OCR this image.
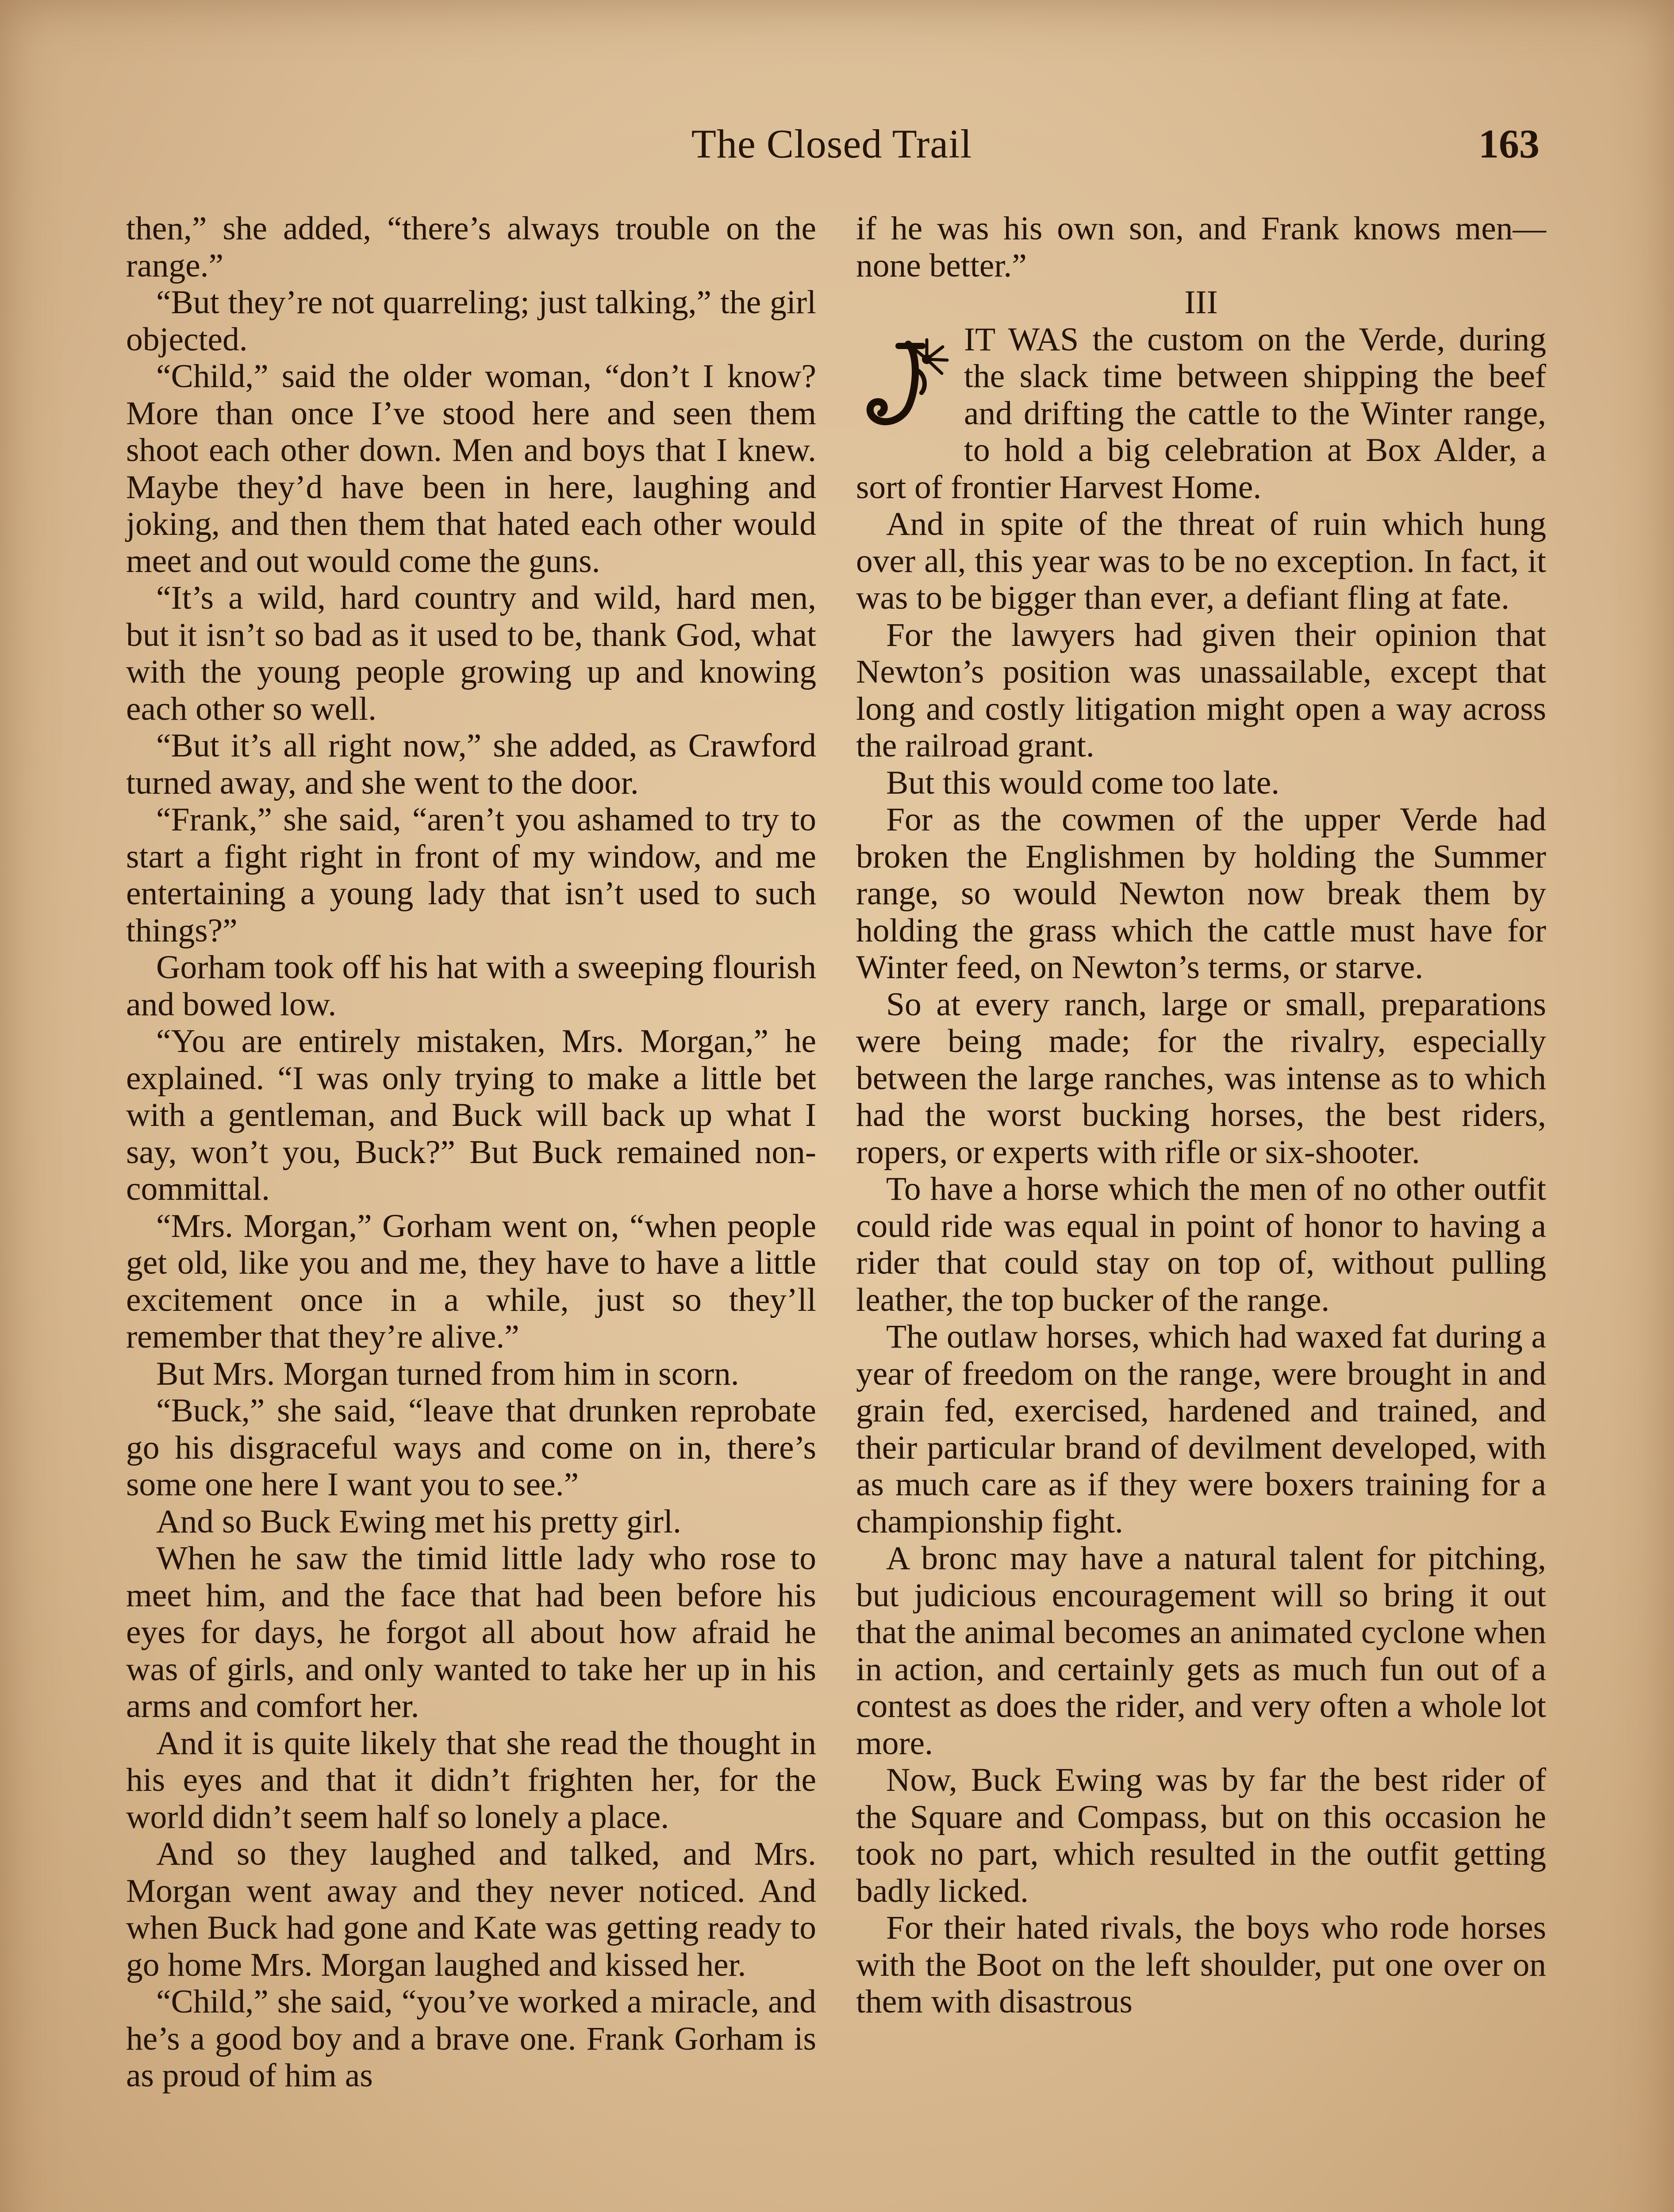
The Closed Trail	163

then,” she added, “there’s always trouble on the range.”

“But they’re not quarreling; just talking,” the girl objected.

“Child,” said the older woman, “don’t I know? More than once I’ve stood here and seen them shoot each other down. Men and boys that I knew. Maybe they’d have been in here, laughing and joking, and then them that hated each other would meet and out would come the guns.

“It’s a wild, hard country and wild, hard men, but it isn’t so bad as it used to be, thank God, what with the young people growing up and knowing each other so well.

“But it’s all right now,” she added, as Crawford turned away, and she went to the door.

“Frank,” she said, “aren’t you ashamed to try to start a fight right in front of my window, and me entertaining a young lady that isn’t used to such things?”

Gorham took off his hat with a sweeping flourish and bowed low.

“You are entirely mistaken, Mrs. Morgan,” he explained. “I was only trying to make a little bet with a gentleman, and Buck will back up what I say, won’t you, Buck?” But Buck remained non-committal.

“Mrs. Morgan,” Gorham went on, “when people get old, like you and me, they have to have a little excitement once in a while, just so they’ll remember that they’re alive.”

But Mrs. Morgan turned from him in scorn.

“Buck,” she said, “leave that drunken reprobate go his disgraceful ways and come on in, there’s some one here I want you to see.”

And so Buck Ewing met his pretty girl.

When he saw the timid little lady who rose to meet him, and the face that had been before his eyes for days, he forgot all about how afraid he was of girls, and only wanted to take her up in his arms and comfort her.

And it is quite likely that she read the thought in his eyes and that it didn’t frighten her, for the world didn’t seem half so lonely a place.

And so they laughed and talked, and Mrs. Morgan went away and they never noticed. And when Buck had gone and Kate was getting ready to go home Mrs. Morgan laughed and kissed her.

“Child,” she said, “you’ve worked a miracle, and he’s a good boy and a brave one. Frank Gorham is as proud of him as

if he was his own son, and Frank knows men—none better.”

III

IT WAS the custom on the Verde, during the slack time between shipping the beef and drifting the cattle to the Winter range, to hold a big celebration at Box Alder, a sort of frontier Harvest Home.

And in spite of the threat of ruin which hung over all, this year was to be no exception. In fact, it was to be bigger than ever, a defiant fling at fate.

For the lawyers had given their opinion that Newton’s position was unassailable, except that long and costly litigation might open a way across the railroad grant.

But this would come too late.

For as the cowmen of the upper Verde had broken the Englishmen by holding the Summer range, so would Newton now break them by holding the grass which the cattle must have for Winter feed, on Newton’s terms, or starve.

So at every ranch, large or small, preparations were being made; for the rivalry, especially between the large ranches, was intense as to which had the worst bucking horses, the best riders, ropers, or experts with rifle or six-shooter.

To have a horse which the men of no other outfit could ride was equal in point of honor to having a rider that could stay on top of, without pulling leather, the top bucker of the range.

The outlaw horses, which had waxed fat during a year of freedom on the range, were brought in and grain fed, exercised, hardened and trained, and their particular brand of devilment developed, with as much care as if they were boxers training for a championship fight.

A bronc may have a natural talent for pitching, but judicious encouragement will so bring it out that the animal becomes an animated cyclone when in action, and certainly gets as much fun out of a contest as does the rider, and very often a whole lot more.

Now, Buck Ewing was by far the best rider of the Square and Compass, but on this occasion he took no part, which resulted in the outfit getting badly licked.

For their hated rivals, the boys who rode horses with the Boot on the left shoulder, put one over on them with disastrous
